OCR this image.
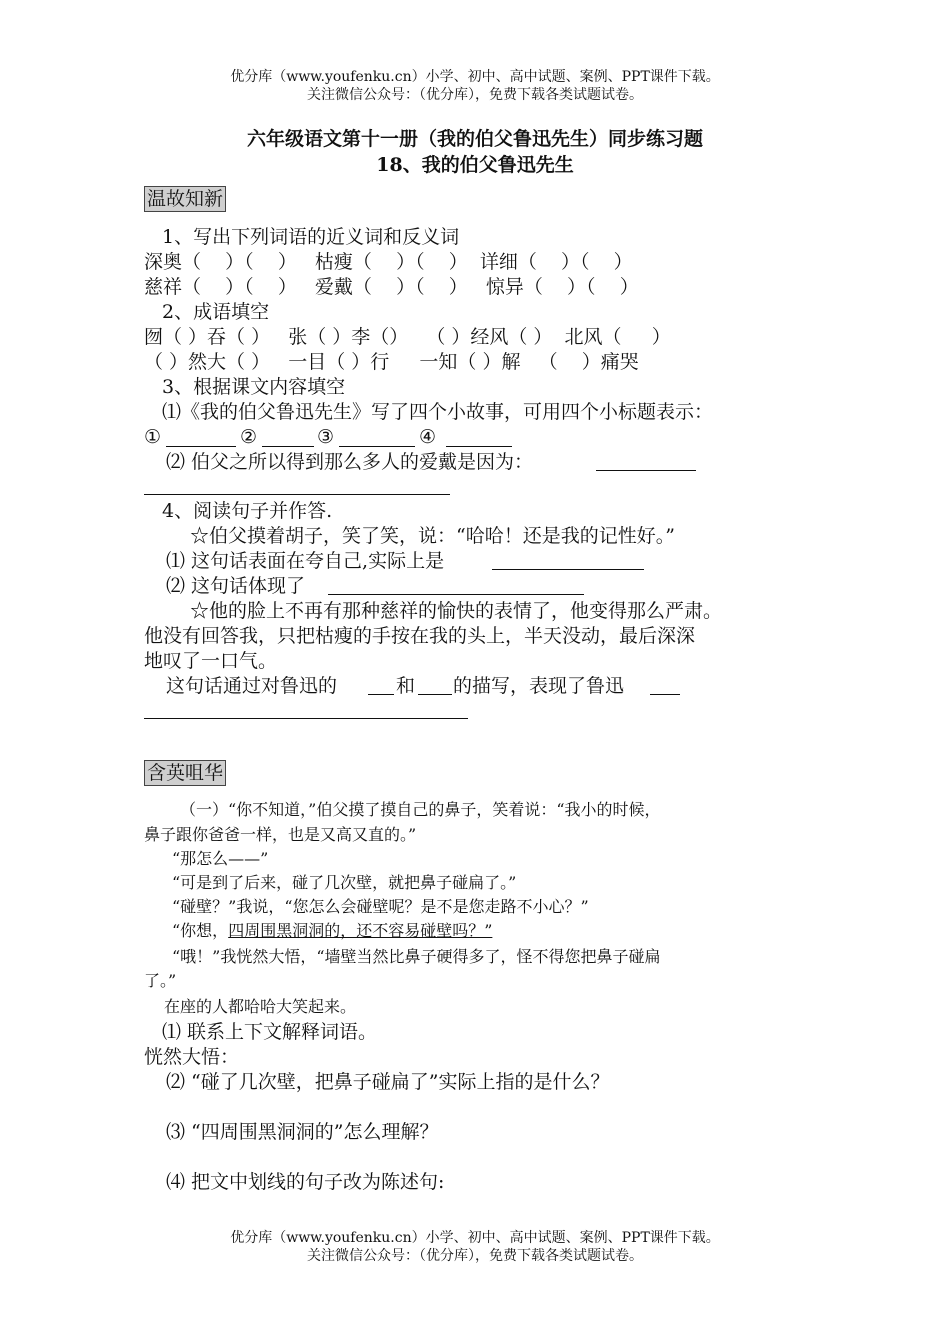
优分库（www.youfenku.cn）小学、初中、高中试题、案例、PPT课件下载。
关注微信公众号：（优分库），免费下载各类试题试卷。
六年级语文第十一册（我的伯父鲁迅先生）同步练习题
18、我的伯父鲁迅先生
温故知新
1、写出下列词语的近义词和反义词
深奥（    ）（    ）   枯瘦（    ）（    ）  详细（    ）（    ）
慈祥（    ）（    ）   爱戴（    ）（    ）   惊异（    ）（    ）
2、成语填空
囫（ ）吞（ ）   张（ ）李（）   （ ）经风（ ）  北风（     ）
（ ）然大（ ）   一目（ ）行     一知（ ）解   （    ）痛哭
3、根据课文内容填空
⑴《我的伯父鲁迅先生》写了四个小故事，可用四个小标题表示：
①	②	③	④
⑵ 伯父之所以得到那么多人的爱戴是因为：
4、阅读句子并作答.
☆伯父摸着胡子，笑了笑，说：“哈哈！还是我的记性好。”
⑴ 这句话表面在夸自己,实际上是
⑵ 这句话体现了
☆他的脸上不再有那种慈祥的愉快的表情了，他变得那么严肃。
他没有回答我，只把枯瘦的手按在我的头上，半天没动，最后深深
地叹了一口气。
这句话通过对鲁迅的	和 的描写，表现了鲁迅
含英咀华
（一）“你不知道，”伯父摸了摸自己的鼻子，笑着说：“我小的时候，
鼻子跟你爸爸一样，也是又高又直的。”
“那怎么——”
“可是到了后来，碰了几次壁，就把鼻子碰扁了。”
“碰壁？”我说，“您怎么会碰壁呢？是不是您走路不小心？”
“你想，四周围黑洞洞的，还不容易碰壁吗？”
“哦！”我恍然大悟，“墙壁当然比鼻子硬得多了，怪不得您把鼻子碰扁
了。”
在座的人都哈哈大笑起来。
⑴ 联系上下文解释词语。
恍然大悟：
⑵ “碰了几次壁，把鼻子碰扁了”实际上指的是什么？
⑶ “四周围黑洞洞的”怎么理解？
⑷ 把文中划线的句子改为陈述句:
优分库（www.youfenku.cn）小学、初中、高中试题、案例、PPT课件下载。
关注微信公众号：（优分库），免费下载各类试题试卷。
